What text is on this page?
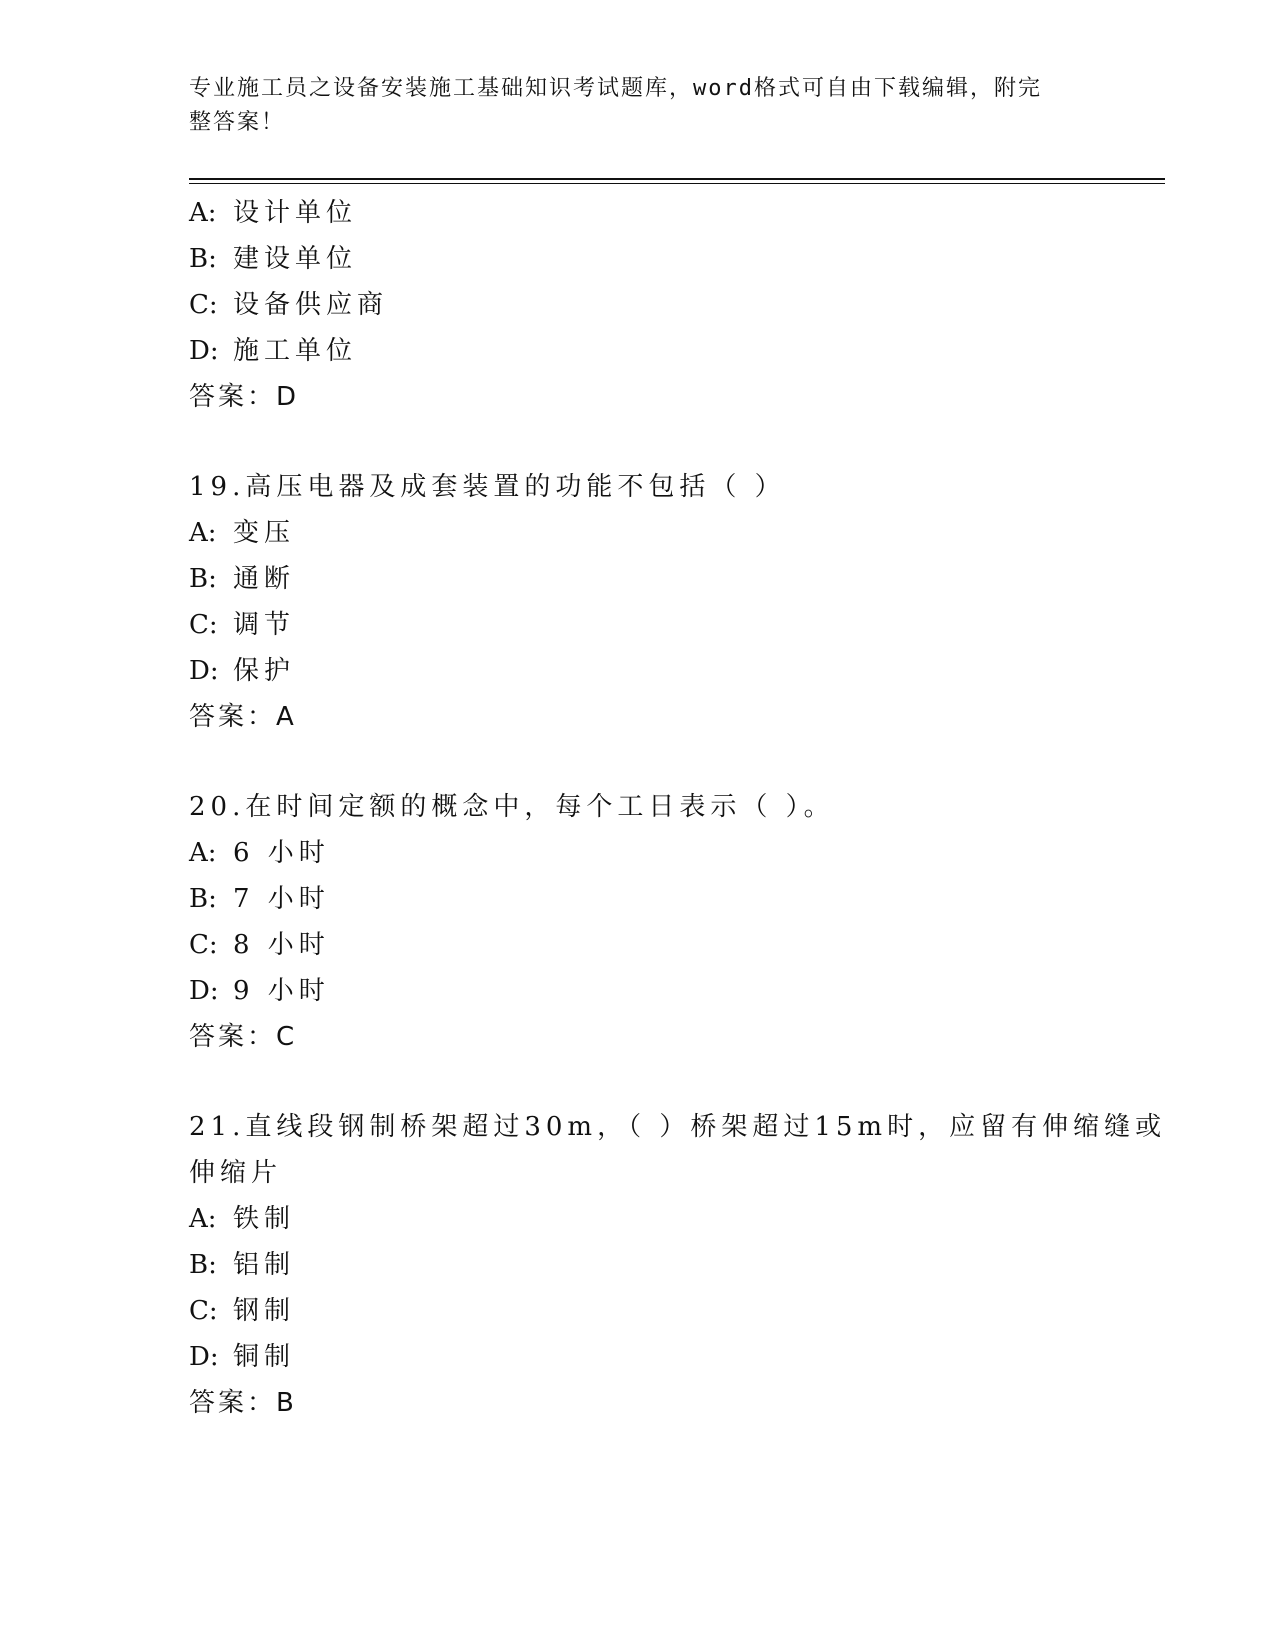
专业施工员之设备安装施工基础知识考试题库，word格式可自由下载编辑，附完
整答案！
A: 设计单位
B: 建设单位
C: 设备供应商
D: 施工单位
答案：D
19.高压电器及成套装置的功能不包括（ ）
A: 变压
B: 通断
C: 调节
D: 保护
答案：A
20.在时间定额的概念中，每个工日表示（ ）。
A: 6 小时
B: 7 小时
C: 8 小时
D: 9 小时
答案：C
21.直线段钢制桥架超过30m，（ ）桥架超过15m时，应留有伸缩缝或
伸缩片
A: 铁制
B: 铝制
C: 钢制
D: 铜制
答案：B
